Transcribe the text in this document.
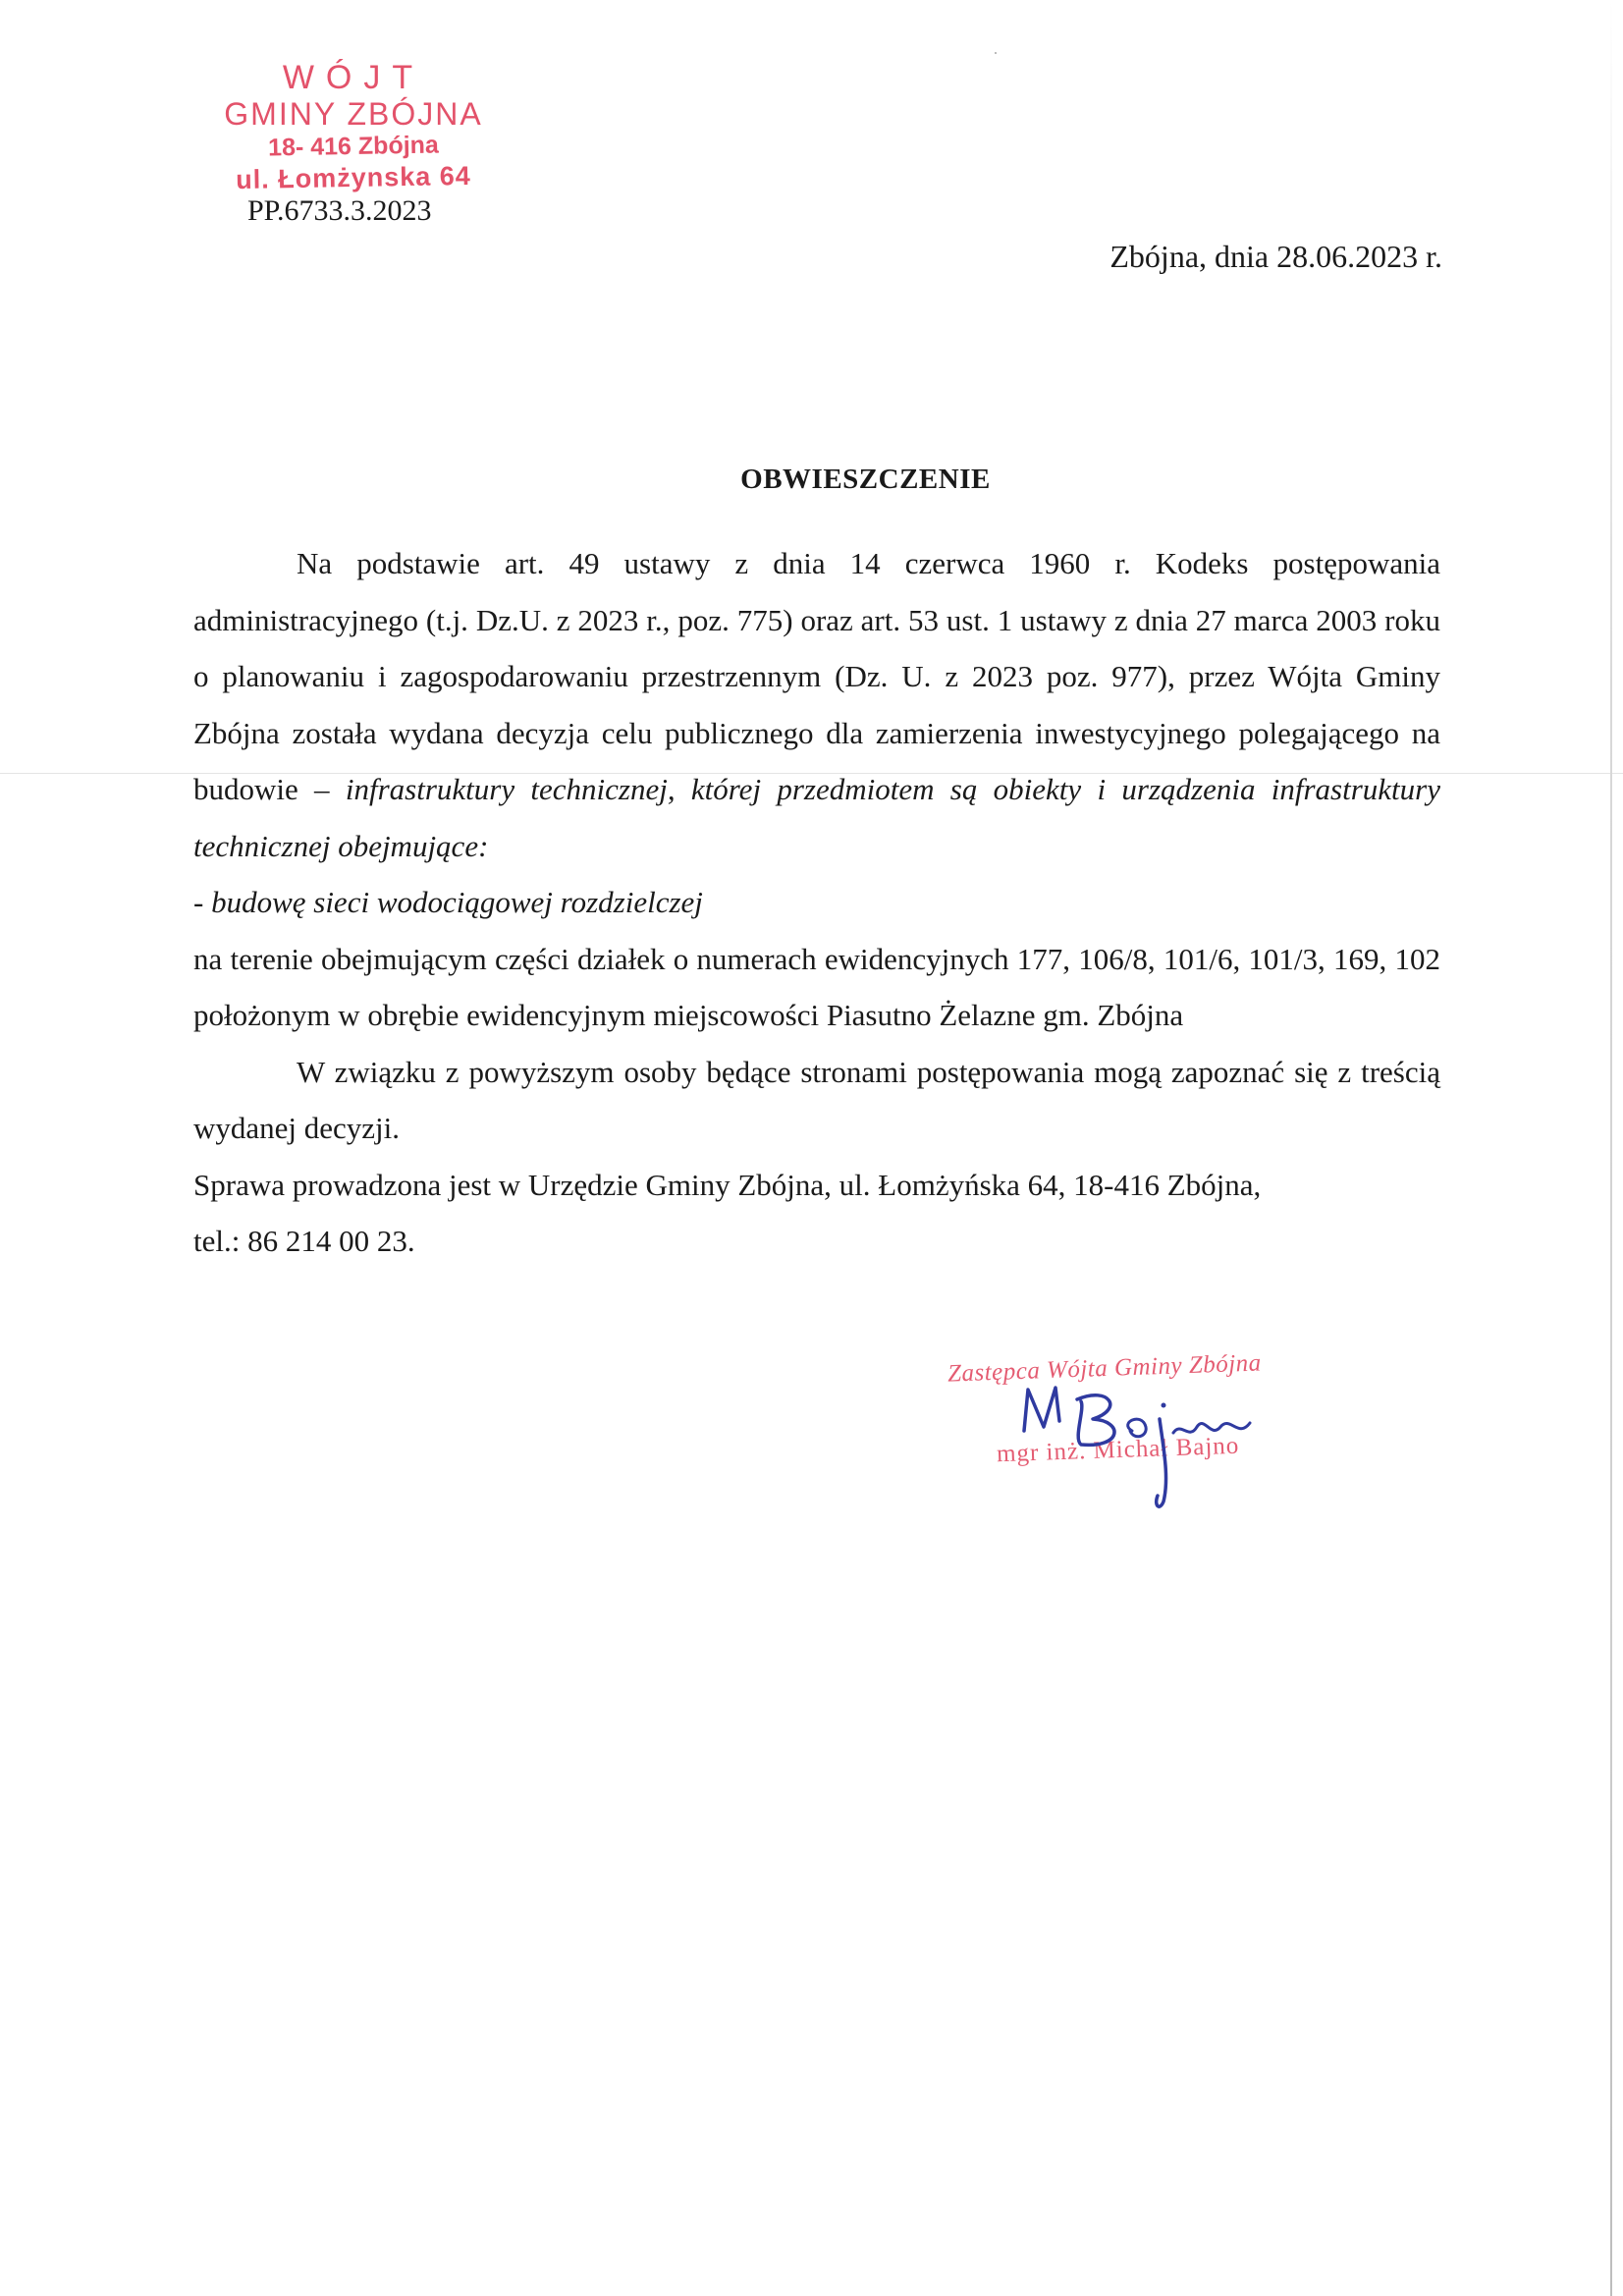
WÓJT
GMINY ZBÓJNA
18- 416 Zbójna
ul. Łomżynska 64
PP.6733.3.2023
Zbójna, dnia 28.06.2023 r.
OBWIESZCZENIE

Na podstawie art. 49 ustawy z dnia 14 czerwca 1960 r. Kodeks postępowania administracyjnego (t.j. Dz.U. z 2023 r., poz. 775) oraz art. 53 ust. 1 ustawy z dnia 27 marca 2003 roku o planowaniu i zagospodarowaniu przestrzennym (Dz. U. z 2023 poz. 977), przez Wójta Gminy Zbójna została wydana decyzja celu publicznego dla zamierzenia inwestycyjnego polegającego na budowie – infrastruktury technicznej, której przedmiotem są obiekty i urządzenia infrastruktury technicznej obejmujące:

- budowę sieci wodociągowej rozdzielczej

na terenie obejmującym części działek o numerach ewidencyjnych 177, 106/8, 101/6, 101/3, 169, 102 położonym w obrębie ewidencyjnym miejscowości Piasutno Żelazne gm. Zbójna

W związku z powyższym osoby będące stronami postępowania mogą zapoznać się z treścią wydanej decyzji.

Sprawa prowadzona jest w Urzędzie Gminy Zbójna, ul. Łomżyńska 64, 18-416 Zbójna,

tel.: 86 214 00 23.

Zastępca Wójta Gminy Zbójna
mgr inż. Michał Bajno
